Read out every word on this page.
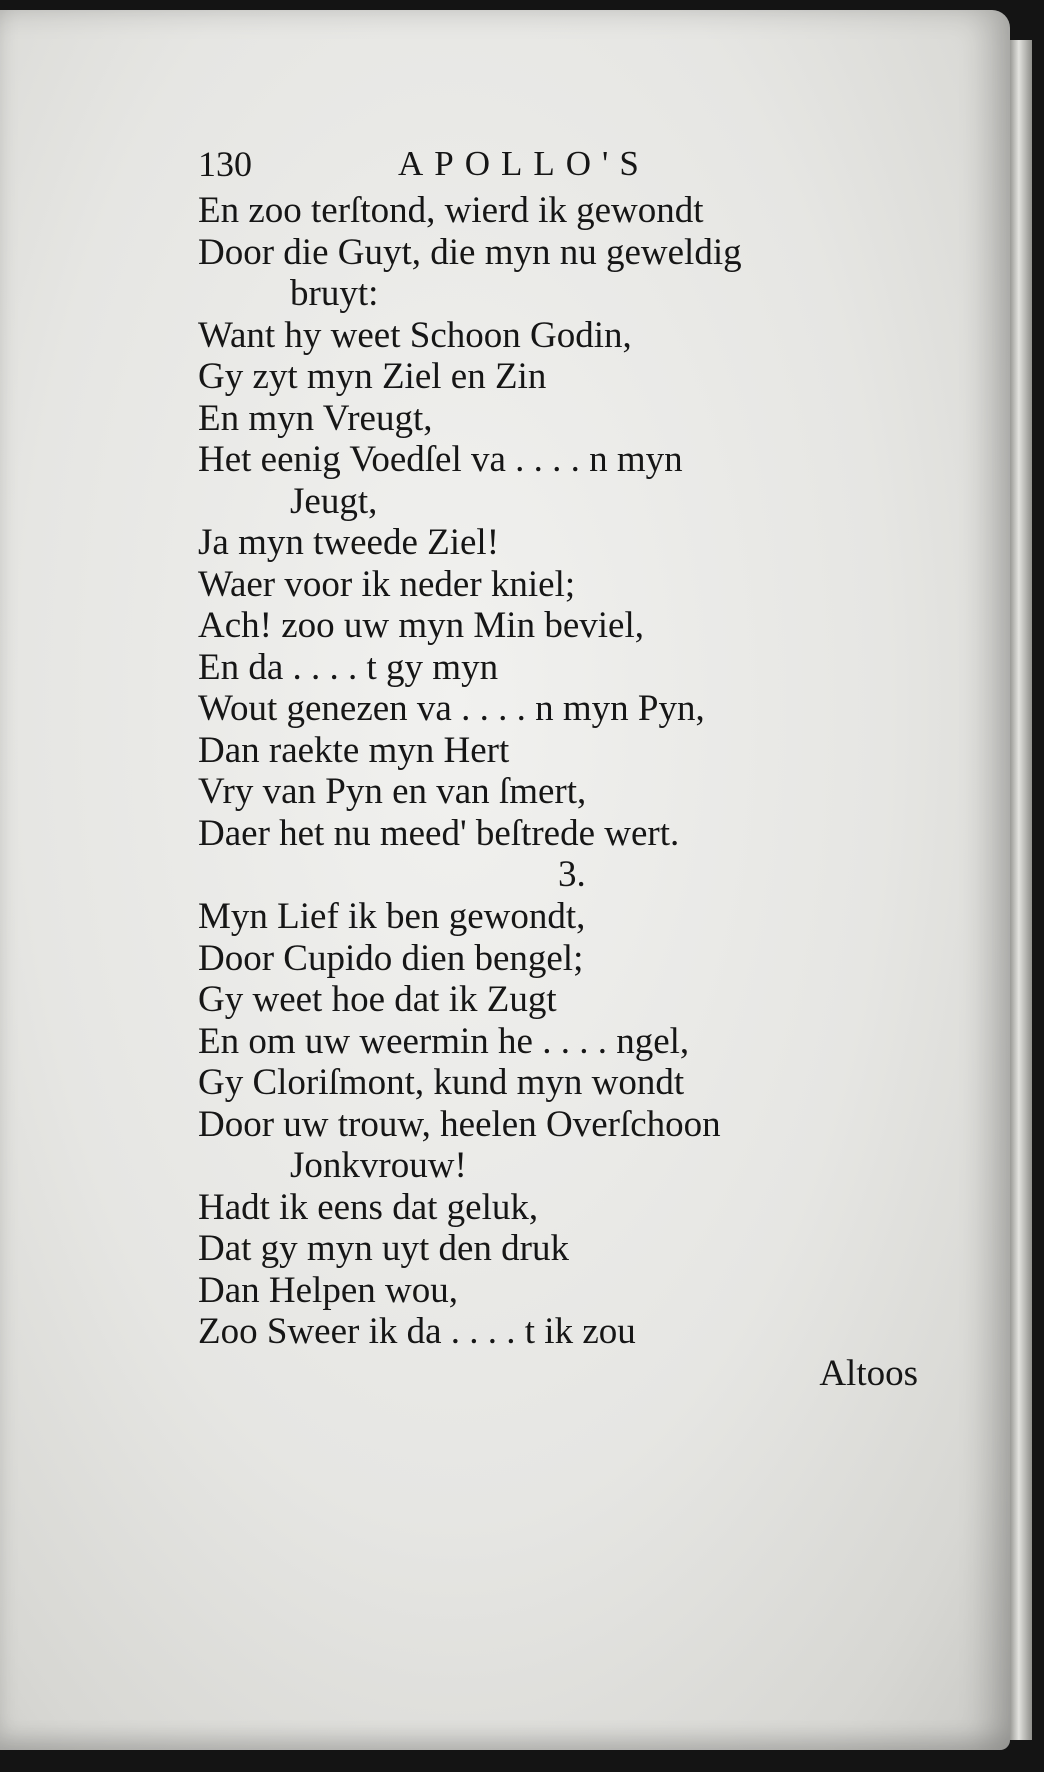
130	APOLLO'S
En zoo terſtond, wierd ik gewondt
Door die Guyt, die myn nu geweldig
bruyt:
Want hy weet Schoon Godin,
Gy zyt myn Ziel en Zin
En myn Vreugt,
Het eenig Voedſel va . . . . n myn
Jeugt,
Ja myn tweede Ziel!
Waer voor ik neder kniel;
Ach! zoo uw myn Min beviel,
En da . . . . t gy myn
Wout genezen va . . . . n myn Pyn,
Dan raekte myn Hert
Vry van Pyn en van ſmert,
Daer het nu meed' beſtrede wert.
3.
Myn Lief ik ben gewondt,
Door Cupido dien bengel;
Gy weet hoe dat ik Zugt
En om uw weermin he . . . . ngel,
Gy Cloriſmont, kund myn wondt
Door uw trouw, heelen Overſchoon
Jonkvrouw!
Hadt ik eens dat geluk,
Dat gy myn uyt den druk
Dan Helpen wou,
Zoo Sweer ik da . . . . t ik zou
Altoos
